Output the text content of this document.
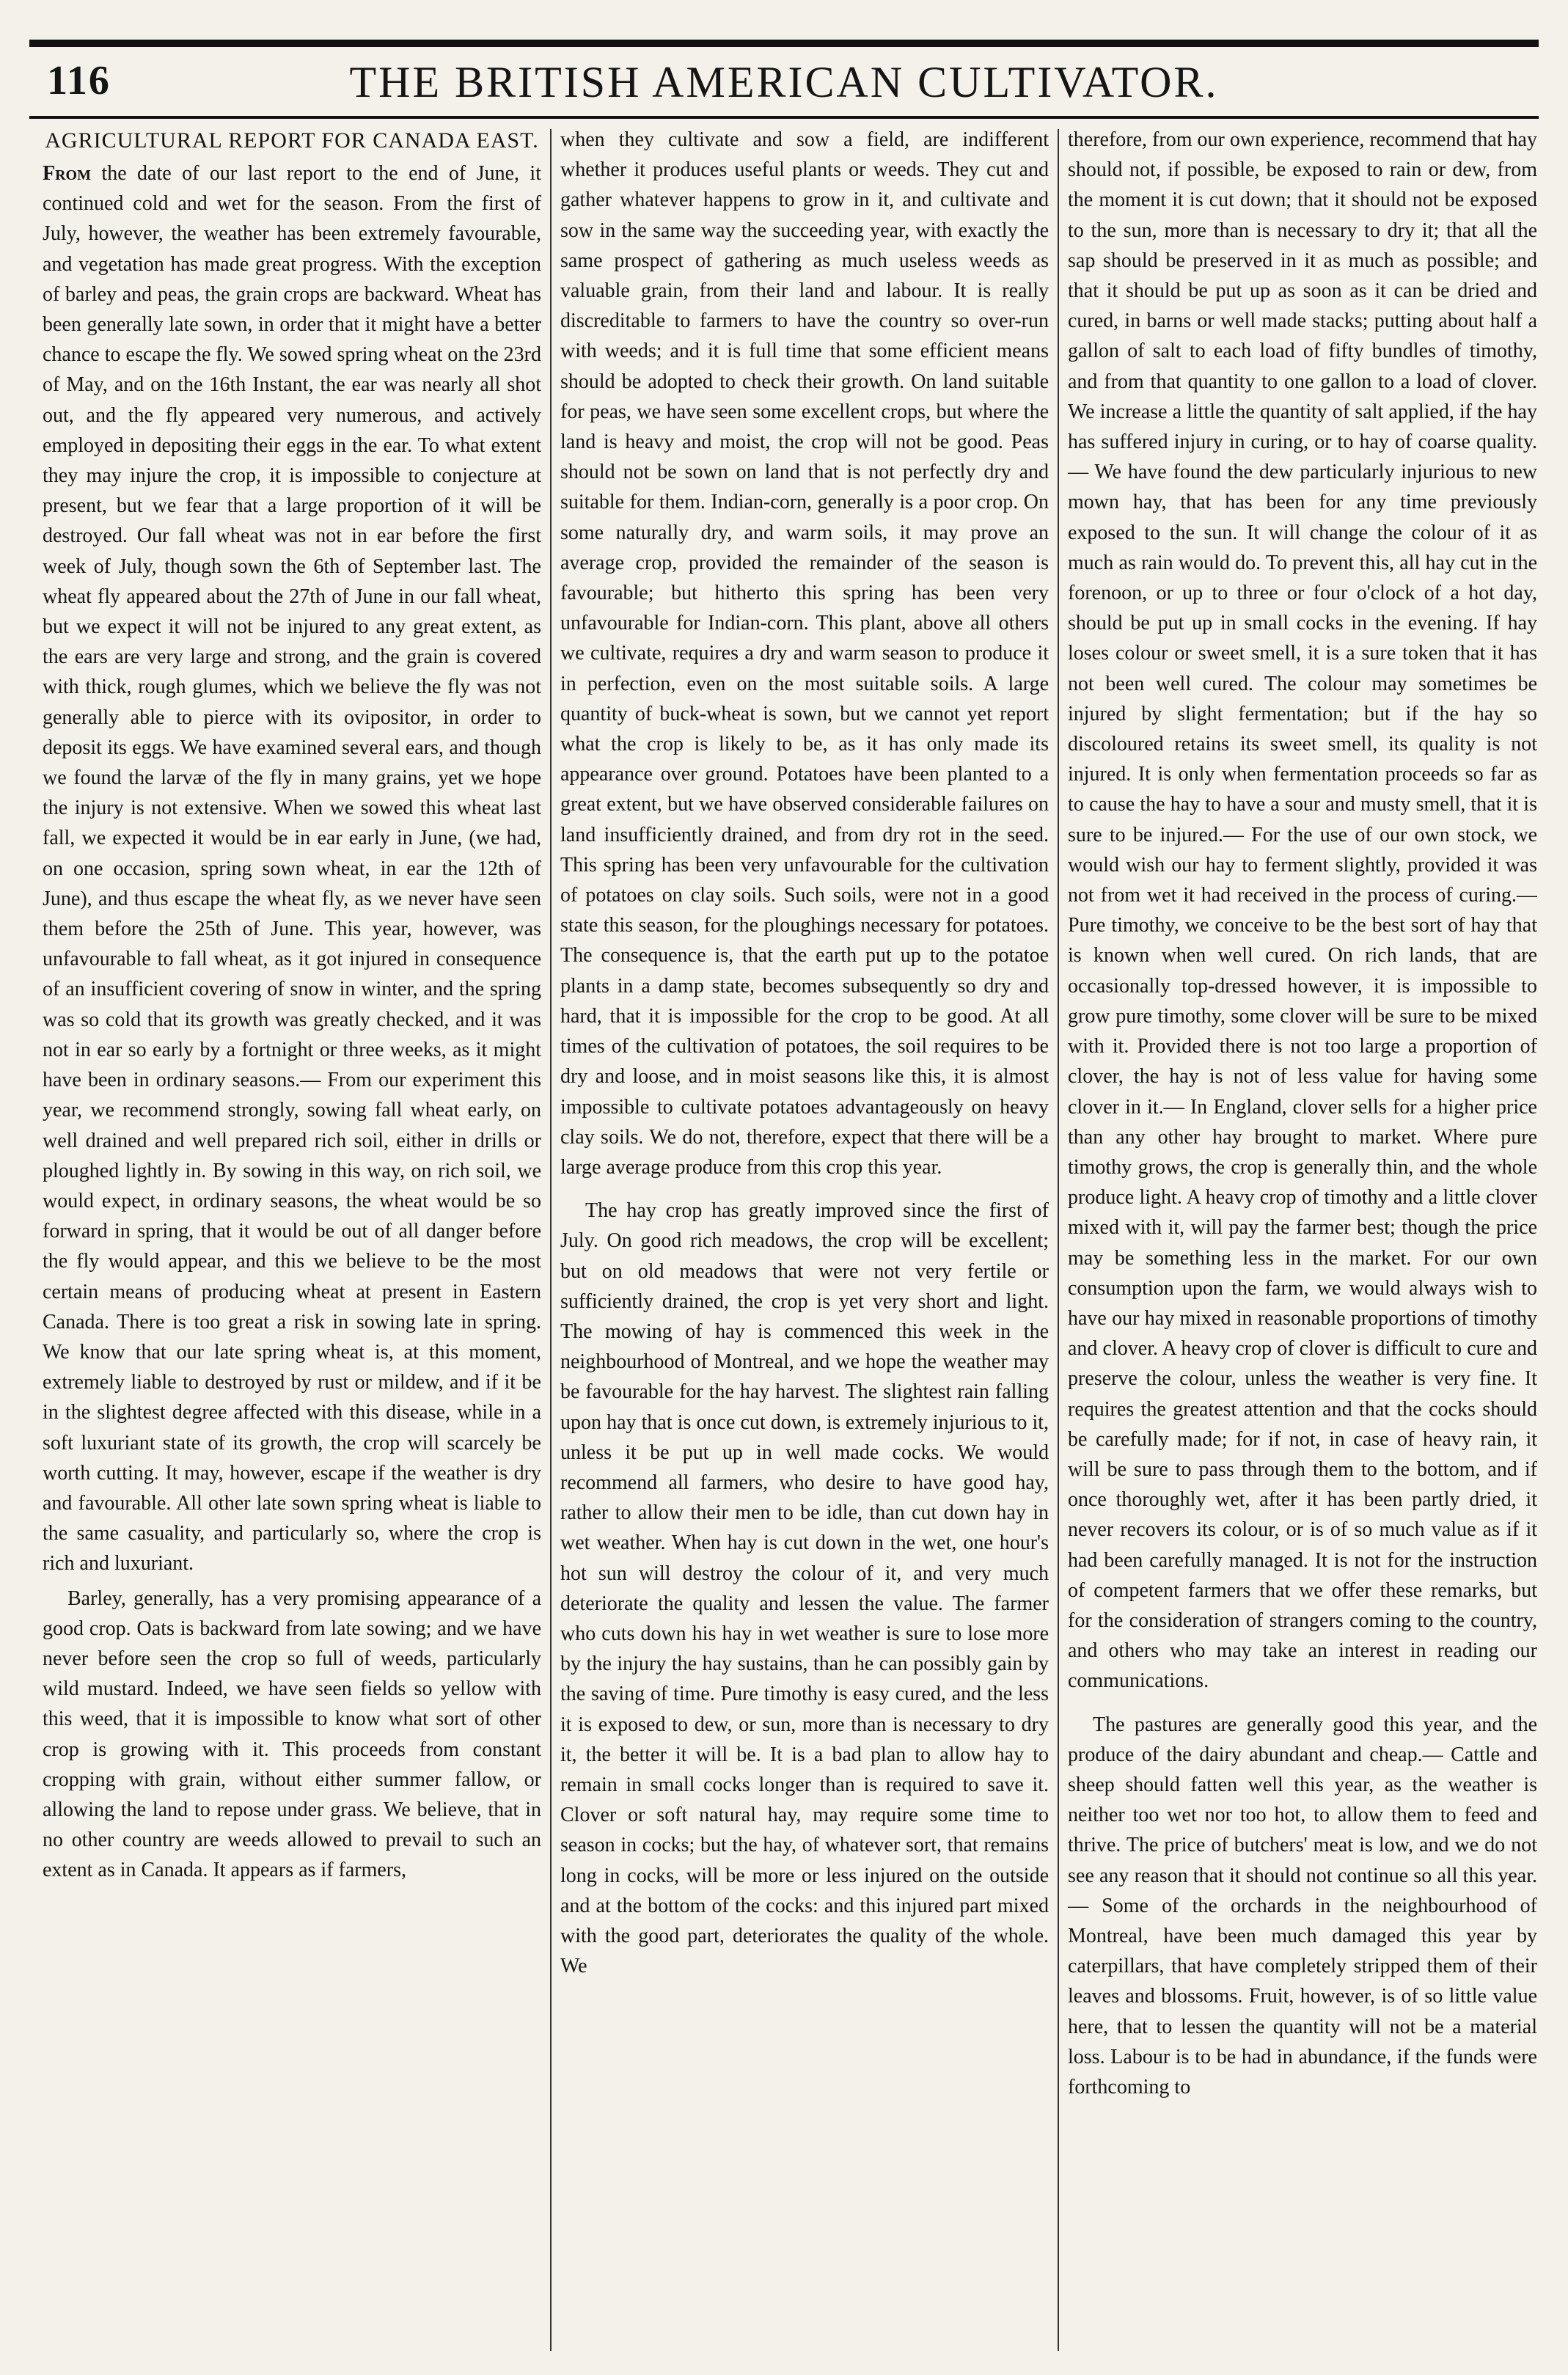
116	THE BRITISH AMERICAN CULTIVATOR.
AGRICULTURAL REPORT FOR CANADA EAST.

From the date of our last report to the end of June, it continued cold and wet for the season. From the first of July, however, the weather has been extremely favourable, and vegetation has made great progress. With the exception of barley and peas, the grain crops are backward. Wheat has been generally late sown, in order that it might have a better chance to escape the fly. We sowed spring wheat on the 23rd of May, and on the 16th Instant, the ear was nearly all shot out, and the fly appeared very numerous, and actively employed in depositing their eggs in the ear. To what extent they may injure the crop, it is impossible to conjecture at present, but we fear that a large proportion of it will be destroyed. Our fall wheat was not in ear before the first week of July, though sown the 6th of September last. The wheat fly appeared about the 27th of June in our fall wheat, but we expect it will not be injured to any great extent, as the ears are very large and strong, and the grain is covered with thick, rough glumes, which we believe the fly was not generally able to pierce with its ovipositor, in order to deposit its eggs. We have examined several ears, and though we found the larvæ of the fly in many grains, yet we hope the injury is not extensive. When we sowed this wheat last fall, we expected it would be in ear early in June, (we had, on one occasion, spring sown wheat, in ear the 12th of June), and thus escape the wheat fly, as we never have seen them before the 25th of June. This year, however, was unfavourable to fall wheat, as it got injured in consequence of an insufficient covering of snow in winter, and the spring was so cold that its growth was greatly checked, and it was not in ear so early by a fortnight or three weeks, as it might have been in ordinary seasons.— From our experiment this year, we recommend strongly, sowing fall wheat early, on well drained and well prepared rich soil, either in drills or ploughed lightly in. By sowing in this way, on rich soil, we would expect, in ordinary seasons, the wheat would be so forward in spring, that it would be out of all danger before the fly would appear, and this we believe to be the most certain means of producing wheat at present in Eastern Canada. There is too great a risk in sowing late in spring. We know that our late spring wheat is, at this moment, extremely liable to destroyed by rust or mildew, and if it be in the slightest degree affected with this disease, while in a soft luxuriant state of its growth, the crop will scarcely be worth cutting. It may, however, escape if the weather is dry and favourable. All other late sown spring wheat is liable to the same casuality, and particularly so, where the crop is rich and luxuriant.

Barley, generally, has a very promising appearance of a good crop. Oats is backward from late sowing; and we have never before seen the crop so full of weeds, particularly wild mustard. Indeed, we have seen fields so yellow with this weed, that it is impossible to know what sort of other crop is growing with it. This proceeds from constant cropping with grain, without either summer fallow, or allowing the land to repose under grass. We believe, that in no other country are weeds allowed to prevail to such an extent as in Canada. It appears as if farmers,

when they cultivate and sow a field, are indifferent whether it produces useful plants or weeds. They cut and gather whatever happens to grow in it, and cultivate and sow in the same way the succeeding year, with exactly the same prospect of gathering as much useless weeds as valuable grain, from their land and labour. It is really discreditable to farmers to have the country so over-run with weeds; and it is full time that some efficient means should be adopted to check their growth. On land suitable for peas, we have seen some excellent crops, but where the land is heavy and moist, the crop will not be good. Peas should not be sown on land that is not perfectly dry and suitable for them. Indian-corn, generally is a poor crop. On some naturally dry, and warm soils, it may prove an average crop, provided the remainder of the season is favourable; but hitherto this spring has been very unfavourable for Indian-corn. This plant, above all others we cultivate, requires a dry and warm season to produce it in perfection, even on the most suitable soils. A large quantity of buck-wheat is sown, but we cannot yet report what the crop is likely to be, as it has only made its appearance over ground. Potatoes have been planted to a great extent, but we have observed considerable failures on land insufficiently drained, and from dry rot in the seed. This spring has been very unfavourable for the cultivation of potatoes on clay soils. Such soils, were not in a good state this season, for the ploughings necessary for potatoes. The consequence is, that the earth put up to the potatoe plants in a damp state, becomes subsequently so dry and hard, that it is impossible for the crop to be good. At all times of the cultivation of potatoes, the soil requires to be dry and loose, and in moist seasons like this, it is almost impossible to cultivate potatoes advantageously on heavy clay soils. We do not, therefore, expect that there will be a large average produce from this crop this year.

The hay crop has greatly improved since the first of July. On good rich meadows, the crop will be excellent; but on old meadows that were not very fertile or sufficiently drained, the crop is yet very short and light. The mowing of hay is commenced this week in the neighbourhood of Montreal, and we hope the weather may be favourable for the hay harvest. The slightest rain falling upon hay that is once cut down, is extremely injurious to it, unless it be put up in well made cocks. We would recommend all farmers, who desire to have good hay, rather to allow their men to be idle, than cut down hay in wet weather. When hay is cut down in the wet, one hour's hot sun will destroy the colour of it, and very much deteriorate the quality and lessen the value. The farmer who cuts down his hay in wet weather is sure to lose more by the injury the hay sustains, than he can possibly gain by the saving of time. Pure timothy is easy cured, and the less it is exposed to dew, or sun, more than is necessary to dry it, the better it will be. It is a bad plan to allow hay to remain in small cocks longer than is required to save it. Clover or soft natural hay, may require some time to season in cocks; but the hay, of whatever sort, that remains long in cocks, will be more or less injured on the outside and at the bottom of the cocks: and this injured part mixed with the good part, deteriorates the quality of the whole. We

therefore, from our own experience, recommend that hay should not, if possible, be exposed to rain or dew, from the moment it is cut down; that it should not be exposed to the sun, more than is necessary to dry it; that all the sap should be preserved in it as much as possible; and that it should be put up as soon as it can be dried and cured, in barns or well made stacks; putting about half a gallon of salt to each load of fifty bundles of timothy, and from that quantity to one gallon to a load of clover. We increase a little the quantity of salt applied, if the hay has suffered injury in curing, or to hay of coarse quality.— We have found the dew particularly injurious to new mown hay, that has been for any time previously exposed to the sun. It will change the colour of it as much as rain would do. To prevent this, all hay cut in the forenoon, or up to three or four o'clock of a hot day, should be put up in small cocks in the evening. If hay loses colour or sweet smell, it is a sure token that it has not been well cured. The colour may sometimes be injured by slight fermentation; but if the hay so discoloured retains its sweet smell, its quality is not injured. It is only when fermentation proceeds so far as to cause the hay to have a sour and musty smell, that it is sure to be injured.— For the use of our own stock, we would wish our hay to ferment slightly, provided it was not from wet it had received in the process of curing.— Pure timothy, we conceive to be the best sort of hay that is known when well cured. On rich lands, that are occasionally top-dressed however, it is impossible to grow pure timothy, some clover will be sure to be mixed with it. Provided there is not too large a proportion of clover, the hay is not of less value for having some clover in it.— In England, clover sells for a higher price than any other hay brought to market. Where pure timothy grows, the crop is generally thin, and the whole produce light. A heavy crop of timothy and a little clover mixed with it, will pay the farmer best; though the price may be something less in the market. For our own consumption upon the farm, we would always wish to have our hay mixed in reasonable proportions of timothy and clover. A heavy crop of clover is difficult to cure and preserve the colour, unless the weather is very fine. It requires the greatest attention and that the cocks should be carefully made; for if not, in case of heavy rain, it will be sure to pass through them to the bottom, and if once thoroughly wet, after it has been partly dried, it never recovers its colour, or is of so much value as if it had been carefully managed. It is not for the instruction of competent farmers that we offer these remarks, but for the consideration of strangers coming to the country, and others who may take an interest in reading our communications.

The pastures are generally good this year, and the produce of the dairy abundant and cheap.— Cattle and sheep should fatten well this year, as the weather is neither too wet nor too hot, to allow them to feed and thrive. The price of butchers' meat is low, and we do not see any reason that it should not continue so all this year.— Some of the orchards in the neighbourhood of Montreal, have been much damaged this year by caterpillars, that have completely stripped them of their leaves and blossoms. Fruit, however, is of so little value here, that to lessen the quantity will not be a material loss. Labour is to be had in abundance, if the funds were forthcoming to
